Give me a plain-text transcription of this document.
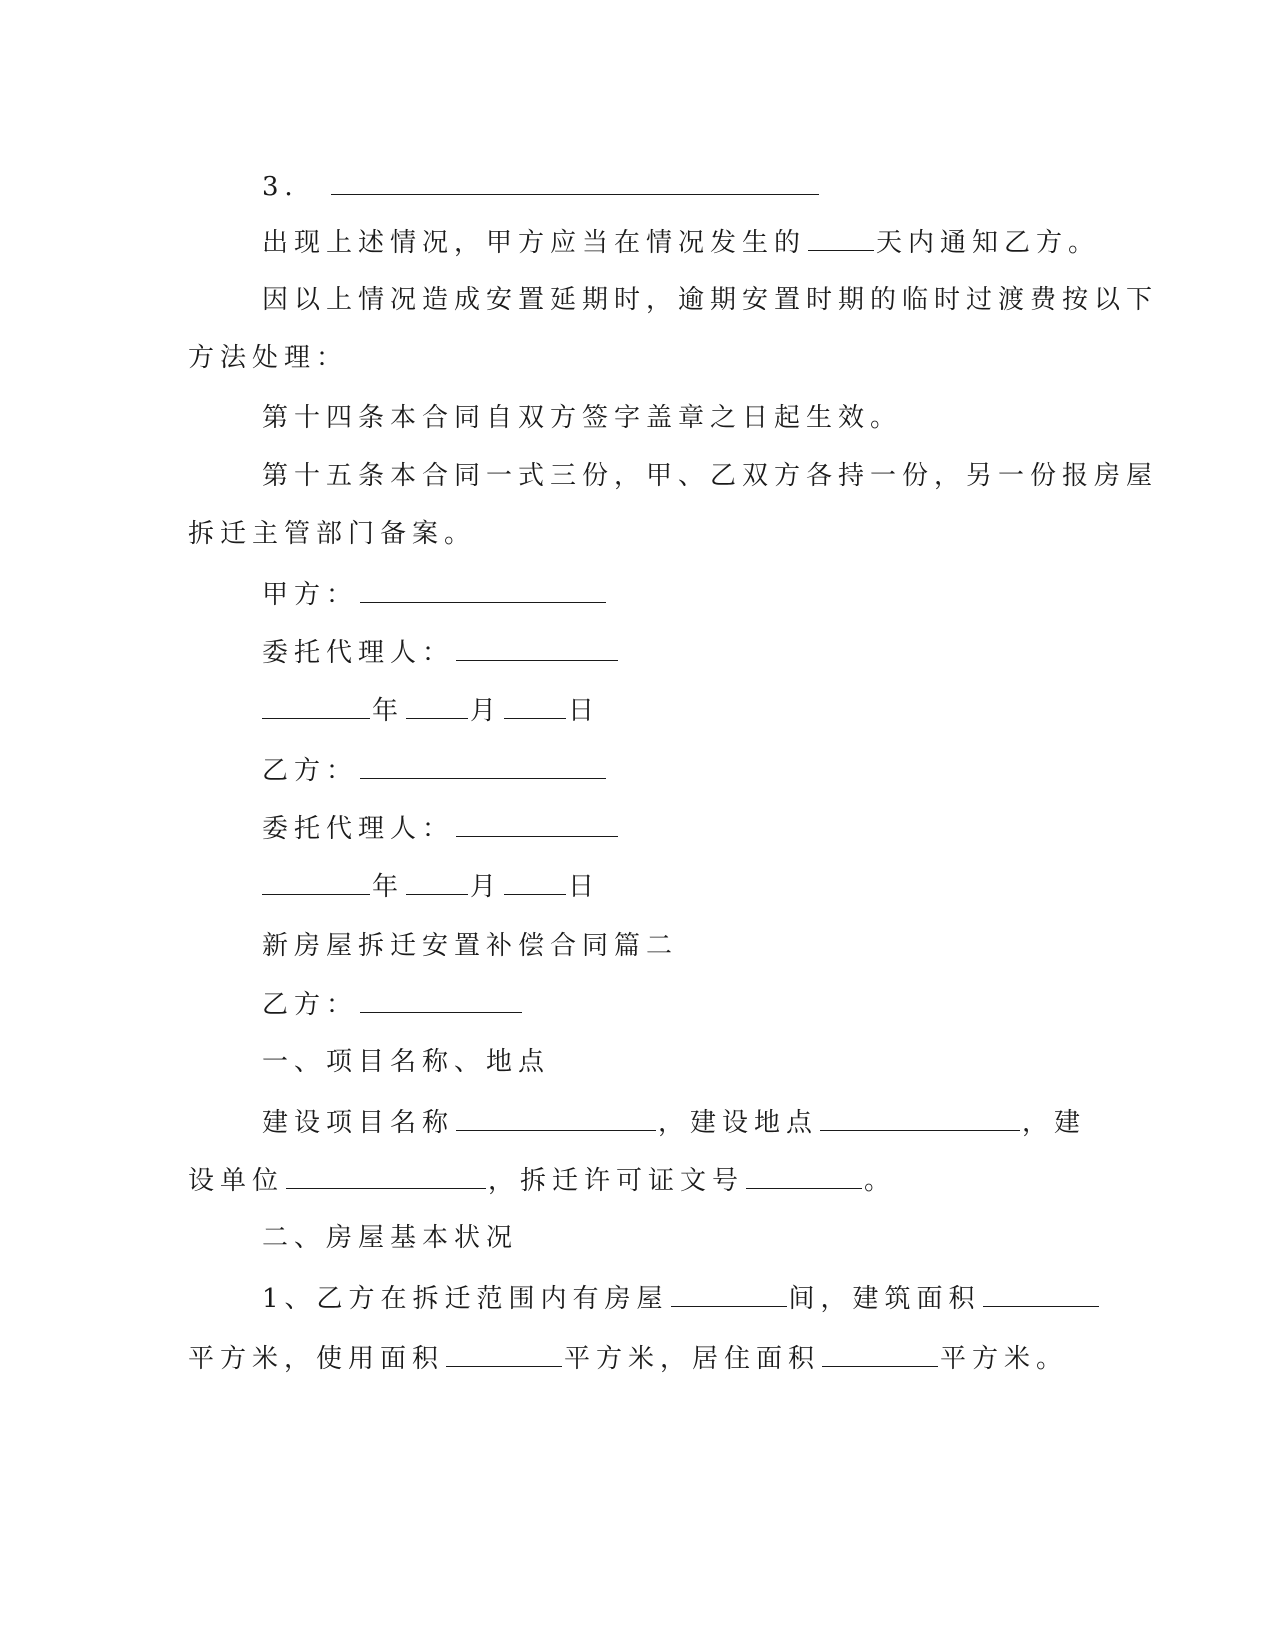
3．
出现上述情况，甲方应当在情况发生的	天内通知乙方。
因以上情况造成安置延期时，逾期安置时期的临时过渡费按以下
方法处理：
第十四条本合同自双方签字盖章之日起生效。
第十五条本合同一式三份，甲、乙双方各持一份，另一份报房屋
拆迁主管部门备案。
甲方：
委托代理人：
年	月	日
乙方：
委托代理人：
年	月	日
新房屋拆迁安置补偿合同篇二
乙方：
一、项目名称、地点
建设项目名称	，建设地点	，建
设单位	，拆迁许可证文号	。
二、房屋基本状况
1、乙方在拆迁范围内有房屋	间，建筑面积
平方米，使用面积	平方米，居住面积	平方米。
